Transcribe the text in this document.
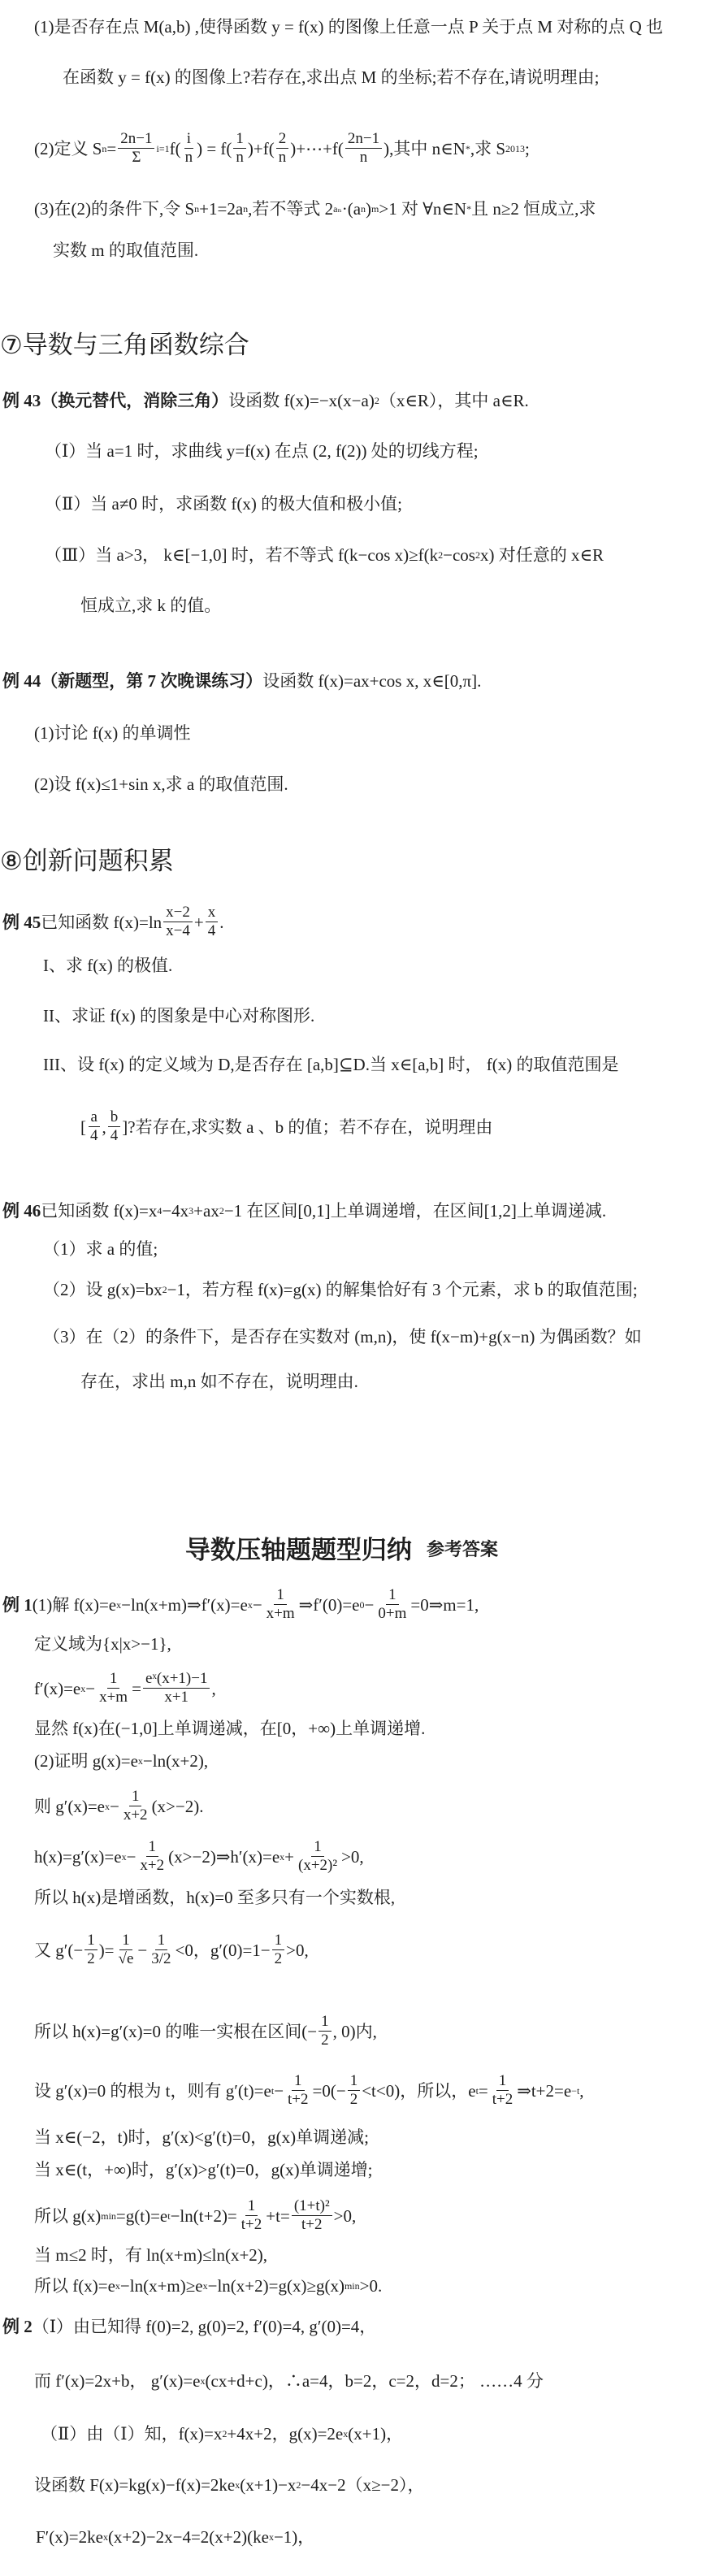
(1)是否存在点 M(a,b) ,使得函数 y = f(x) 的图像上任意一点 P 关于点 M 对称的点 Q 也
在函数 y = f(x) 的图像上?若存在,求出点 M 的坐标;若不存在,请说明理由;
(2)定义 S $n = \frac{2n-1}{\Sigma} i=1$ $f( \frac{i}{n}$ ) = $f( \frac{1}{n} )+f( \frac{2}{n}$ )+⋯+f( $\frac{2n-1}{n}$ ),其中 n∈N * ,求 S 2013 ;
(3)在(2)的条件下,令 S n +1=2a n ,若不等式 2 aₙ ·(a n ) m >1 对 ∀n∈N * 且 n≥2 恒成立,求
实数 m 的取值范围.
⑦导数与三角函数综合
例 43（换元替代，消除三角） 设函数 f(x)=−x(x−a) 2 （x∈R），其中 a∈R.
（Ⅰ）当 a=1 时，求曲线 y=f(x) 在点 (2, f(2)) 处的切线方程;
（Ⅱ）当 a≠0 时，求函数 f(x) 的极大值和极小值;
（Ⅲ）当 a>3， k∈[−1,0] 时，若不等式 f(k−cos x)≥f(k 2 −cos 2 x) 对任意的 x∈R
恒成立,求 k 的值。
例 44（新题型，第 7 次晚课练习） 设函数 f(x)=ax+cos x, x∈[0,π].
(1)讨论 f(x) 的单调性
(2)设 f(x)≤1+sin x,求 a 的取值范围.
⑧创新问题积累
例 45 已知函数 $f(x)=\ln \frac{x-2}{x-4} + \frac{x}{4}$ .
I、求 f(x) 的极值.
II、求证 f(x) 的图象是中心对称图形.
III、设 f(x) 的定义域为 D,是否存在 [a,b]⊆D.当 x∈[a,b] 时， f(x) 的取值范围是
[ $\frac{a}{4}$ , $\frac{b}{4}$ ]?若存在,求实数 a 、b 的值；若不存在，说明理由
例 46 已知函数 f(x)=x 4 −4x 3 +ax 2 −1 在区间[0,1]上单调递增，在区间[1,2]上单调递减.
（1）求 a 的值;
（2）设 g(x)=bx 2 −1，若方程 f(x)=g(x) 的解集恰好有 3 个元素，求 b 的取值范围;
（3）在（2）的条件下，是否存在实数对 (m,n)，使 f(x−m)+g(x−n) 为偶函数？如
存在，求出 m,n 如不存在，说明理由.
导数压轴题题型归纳 参考答案
例 1 (1)解 f(x)=e x −ln(x+m)⇒f′(x)=e $x - \frac{1}{x+m}$ ⇒f′(0)=e $0 - \frac{1}{0+m}$ =0⇒m=1,
定义域为{x|x>−1},
f′(x)=e $x - \frac{1}{x+m} = \frac{\text{eˣ(x+1)−1}}{x+1}$ ,
显然 f(x)在(−1,0]上单调递减，在[0，+∞)上单调递增.
(2)证明 g(x)=e x −ln(x+2),
则 g′(x)=e $x - \frac{1}{x+2} (x>-2)$.
h(x)=g′(x)=e $x - \frac{1}{x+2}$ (x>−2)⇒h′(x)=e $x + \frac{1}{\text{(x+2)²}} >0$,
所以 h(x)是增函数，h(x)=0 至多只有一个实数根,
又 $g'(- \frac{1}{2}$ )= $\frac{1}{√e} - \frac{1}{3/2} <0$，$g'(0)=1- \frac{1}{2} >0$,
所以 h(x)=g′(x)=0 的唯一实根在区间(− $\frac{1}{2}$ , 0)内,
设 g′(x)=0 的根为 t，则有 g′(t)=e $t - \frac{1}{t+2} =0(- \frac{1}{2} <t<0)$，所以，e $t = \frac{1}{t+2}$ ⇒t+2=e −t ,
当 x∈(−2，t)时，g′(x)<g′(t)=0，g(x)单调递减;
当 x∈(t，+∞)时，g′(x)>g′(t)=0，g(x)单调递增;
所以 g(x) min =g(t)=e $t -\ln(t+2)= \frac{1}{t+2} +t= \frac{\text{(1+t)²}}{t+2} >0$,
当 m≤2 时，有 ln(x+m)≤ln(x+2),
所以 f(x)=e x −ln(x+m)≥e x −ln(x+2)=g(x)≥g(x) min >0.
例 2 （Ⅰ）由已知得 f(0)=2, g(0)=2, f′(0)=4, g′(0)=4，
而 f′(x)=2x+b， g′(x)=e x (cx+d+c)，∴a=4，b=2，c=2，d=2； ……4 分
（Ⅱ）由（Ⅰ）知，f(x)=x 2 +4x+2，g(x)=2e x (x+1)，
设函数 F(x)=kg(x)−f(x)=2ke x (x+1)−x 2 −4x−2（x≥−2），
F′(x)=2ke x (x+2)−2x−4=2(x+2)(ke x −1)，
